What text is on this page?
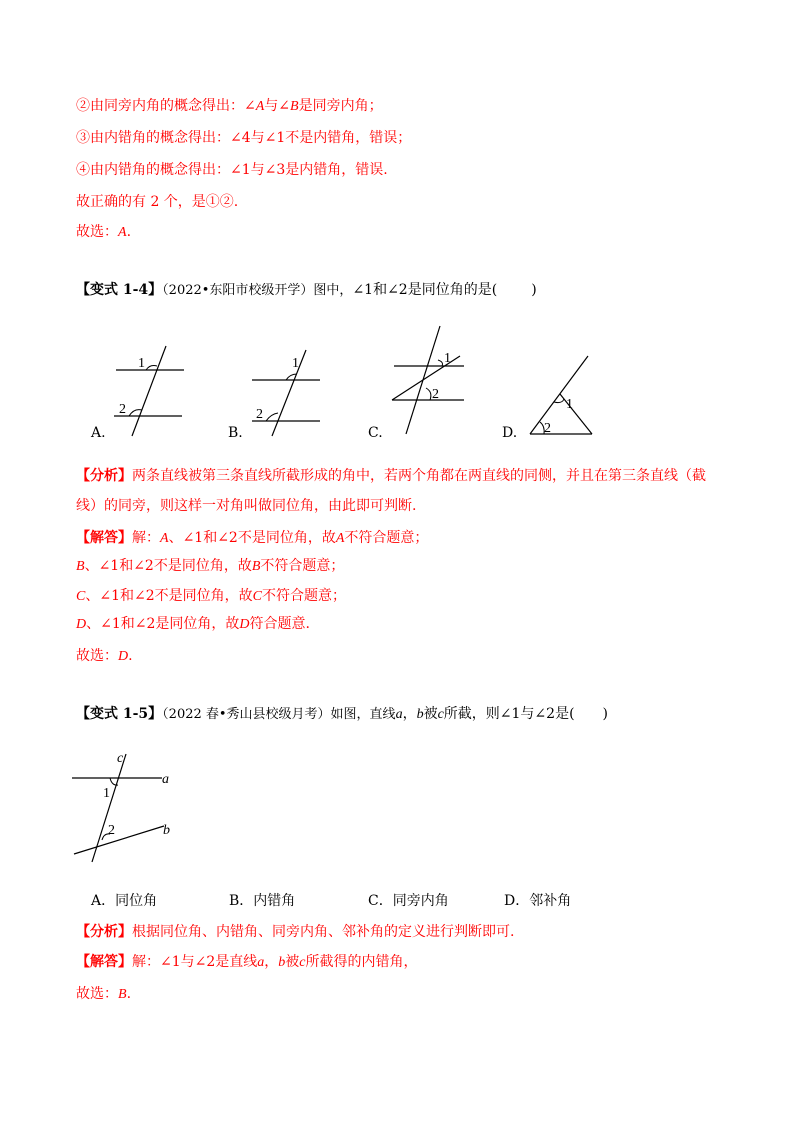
②由同旁内角的概念得出：∠A与∠B是同旁内角；
③由内错角的概念得出：∠4与∠1不是内错角，错误；
④由内错角的概念得出：∠1与∠3是内错角，错误.
故正确的有 2 个，是①②.
故选：A.
【变式 1-4】（2022•东阳市校级开学）图中，∠1和∠2是同位角的是( )
1
2
A.
1
2
B.
1
2
C.
1
2
D.
【分析】两条直线被第三条直线所截形成的角中，若两个角都在两直线的同侧，并且在第三条直线（截
线）的同旁，则这样一对角叫做同位角，由此即可判断.
【解答】解：A、∠1和∠2不是同位角，故A不符合题意；
B、∠1和∠2不是同位角，故B不符合题意；
C、∠1和∠2不是同位角，故C不符合题意；
D、∠1和∠2是同位角，故D符合题意.
故选：D.
【变式 1-5】（2022 春•秀山县校级月考）如图，直线a，b被c所截，则∠1与∠2是( )
c
a
b
1
2
A．同位角	B．内错角	C．同旁内角	D．邻补角
【分析】根据同位角、内错角、同旁内角、邻补角的定义进行判断即可.
【解答】解：∠1与∠2是直线a，b被c所截得的内错角，
故选：B.
